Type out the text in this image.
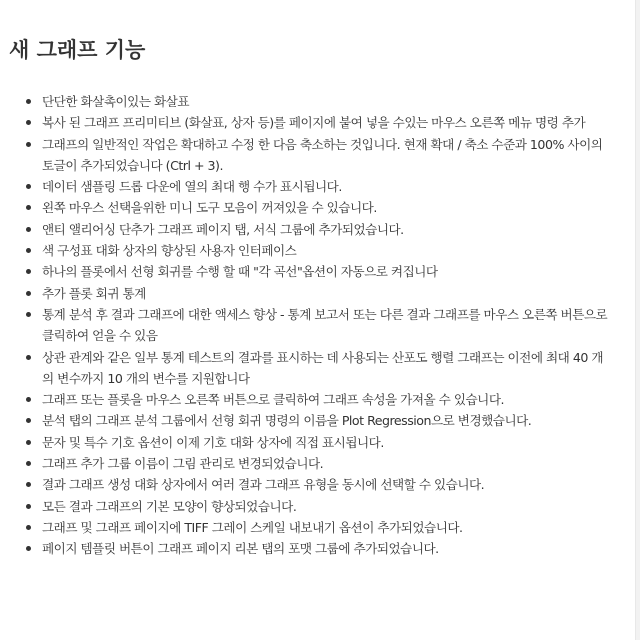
새 그래프 기능
단단한 화살촉이있는 화살표
복사 된 그래프 프리미티브 (화살표, 상자 등)를 페이지에 붙여 넣을 수있는 마우스 오른쪽 메뉴 명령 추가
그래프의 일반적인 작업은 확대하고 수정 한 다음 축소하는 것입니다. 현재 확대 / 축소 수준과 100% 사이의 토글이 추가되었습니다 (Ctrl + 3).
데이터 샘플링 드롭 다운에 열의 최대 행 수가 표시됩니다.
왼쪽 마우스 선택을위한 미니 도구 모음이 꺼져있을 수 있습니다.
앤티 앨리어싱 단추가 그래프 페이지 탭, 서식 그룹에 추가되었습니다.
색 구성표 대화 상자의 향상된 사용자 인터페이스
하나의 플롯에서 선형 회귀를 수행 할 때 "각 곡선"옵션이 자동으로 켜집니다
추가 플롯 회귀 통계
통계 분석 후 결과 그래프에 대한 액세스 향상 - 통계 보고서 또는 다른 결과 그래프를 마우스 오른쪽 버튼으로 클릭하여 얻을 수 있음
상관 관계와 같은 일부 통계 테스트의 결과를 표시하는 데 사용되는 산포도 행렬 그래프는 이전에 최대 40 개의 변수까지 10 개의 변수를 지원합니다
그래프 또는 플롯을 마우스 오른쪽 버튼으로 클릭하여 그래프 속성을 가져올 수 있습니다.
분석 탭의 그래프 분석 그룹에서 선형 회귀 명령의 이름을 Plot Regression으로 변경했습니다.
문자 및 특수 기호 옵션이 이제 기호 대화 상자에 직접 표시됩니다.
그래프 추가 그룹 이름이 그림 관리로 변경되었습니다.
결과 그래프 생성 대화 상자에서 여러 결과 그래프 유형을 동시에 선택할 수 있습니다.
모든 결과 그래프의 기본 모양이 향상되었습니다.
그래프 및 그래프 페이지에 TIFF 그레이 스케일 내보내기 옵션이 추가되었습니다.
페이지 템플릿 버튼이 그래프 페이지 리본 탭의 포맷 그룹에 추가되었습니다.
